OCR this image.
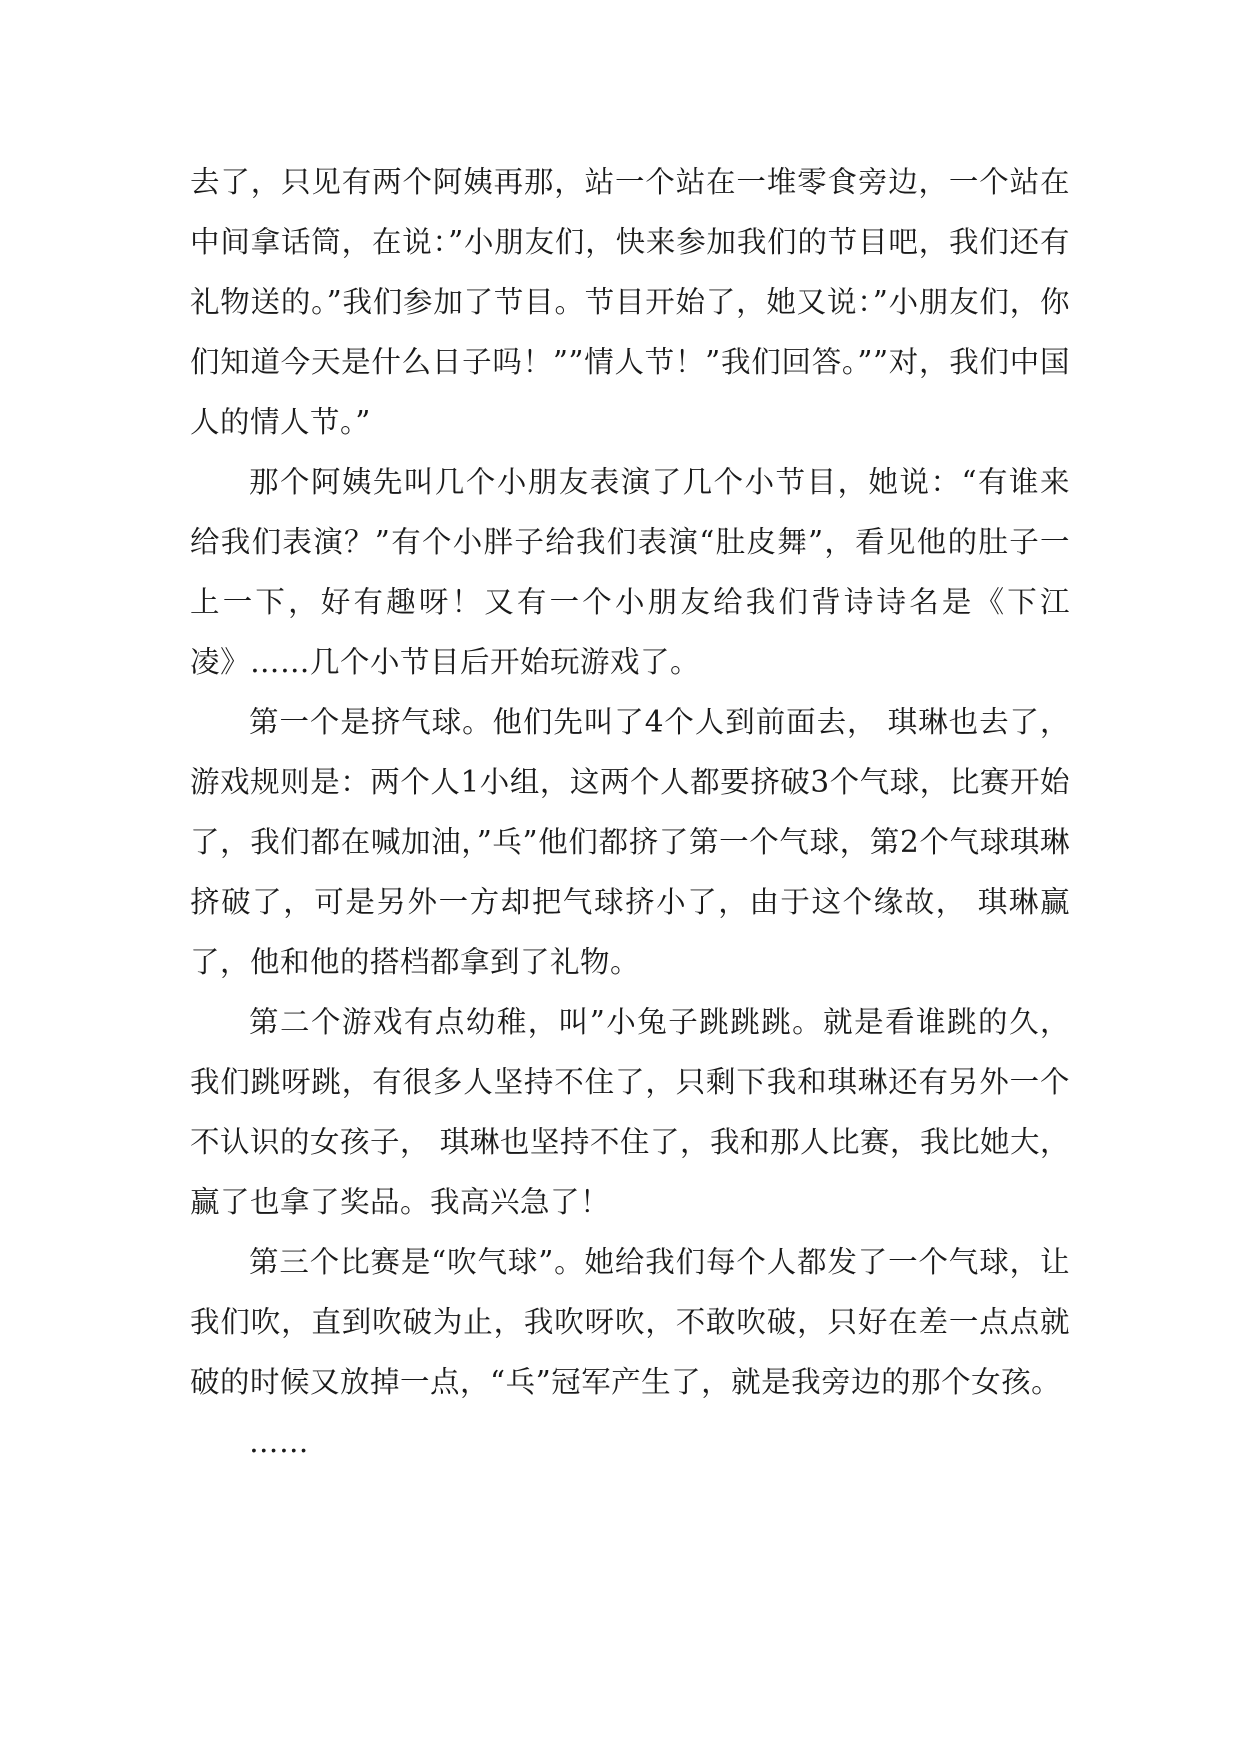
去了，只见有两个阿姨再那，站一个站在一堆零食旁边，一个站在中间拿话筒，在说：”小朋友们，快来参加我们的节目吧，我们还有礼物送的。”我们参加了节目。节目开始了，她又说：”小朋友们，你们知道今天是什么日子吗！””情人节！”我们回答。””对，我们中国人的情人节。”

那个阿姨先叫几个小朋友表演了几个小节目，她说：“有谁来给我们表演？”有个小胖子给我们表演“肚皮舞”，看见他的肚子一上一下，好有趣呀！又有一个小朋友给我们背诗诗名是《下江凌》……几个小节目后开始玩游戏了。

第一个是挤气球。他们先叫了4个人到前面去， 琪琳也去了，游戏规则是：两个人1小组，这两个人都要挤破3个气球，比赛开始了，我们都在喊加油，”乓”他们都挤了第一个气球，第2个气球琪琳挤破了，可是另外一方却把气球挤小了，由于这个缘故， 琪琳赢了，他和他的搭档都拿到了礼物。

第二个游戏有点幼稚，叫”小兔子跳跳跳。就是看谁跳的久，我们跳呀跳，有很多人坚持不住了，只剩下我和琪琳还有另外一个不认识的女孩子， 琪琳也坚持不住了，我和那人比赛，我比她大，赢了也拿了奖品。我高兴急了！

第三个比赛是“吹气球”。她给我们每个人都发了一个气球，让我们吹，直到吹破为止，我吹呀吹，不敢吹破，只好在差一点点就破的时候又放掉一点，“乓”冠军产生了，就是我旁边的那个女孩。

……
